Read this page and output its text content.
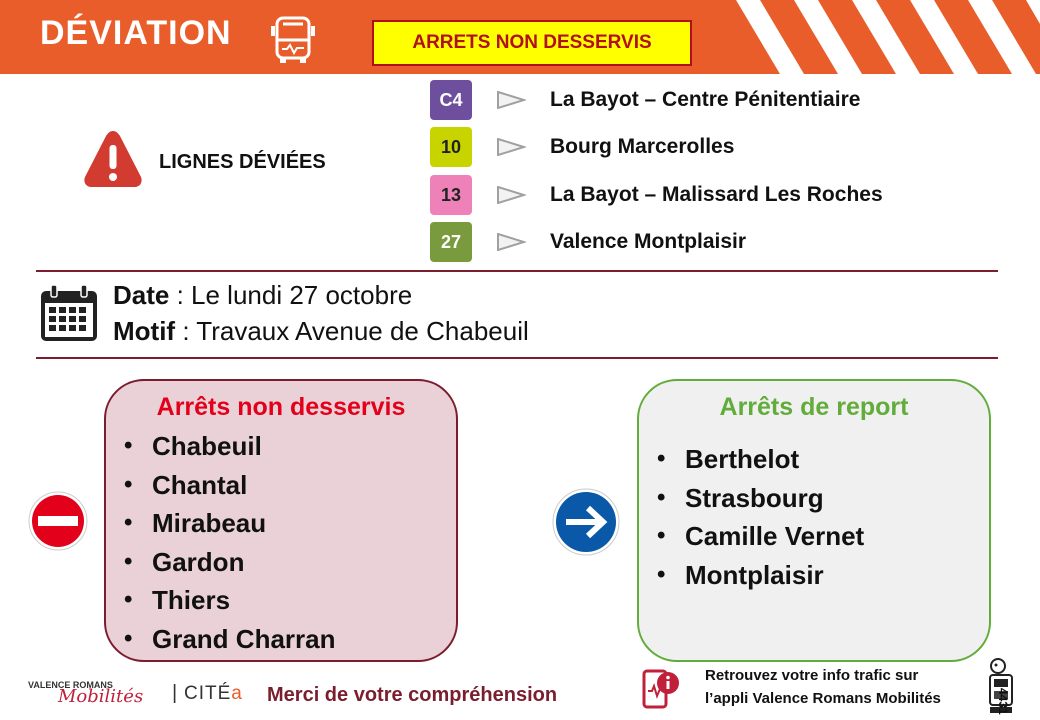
DÉVIATION	ARRETS NON DESSERVIS
LIGNES DÉVIÉES
C4	La Bayot – Centre Pénitentiaire
10	Bourg Marcerolles
13	La Bayot – Malissard Les Roches
27	Valence Montplaisir
Date : Le lundi 27 octobre
Motif : Travaux Avenue de Chabeuil
Arrêts non desservis
• Chabeuil
• Chantal
• Mirabeau
• Gardon
• Thiers
• Grand Charran
Arrêts de report
• Berthelot
• Strasbourg
• Camille Vernet
• Montplaisir
VALENCE ROMANS
Mobilités | CITÉa Merci de votre compréhension
Retrouvez votre info trafic sur
l’appli Valence Romans Mobilités	4431
